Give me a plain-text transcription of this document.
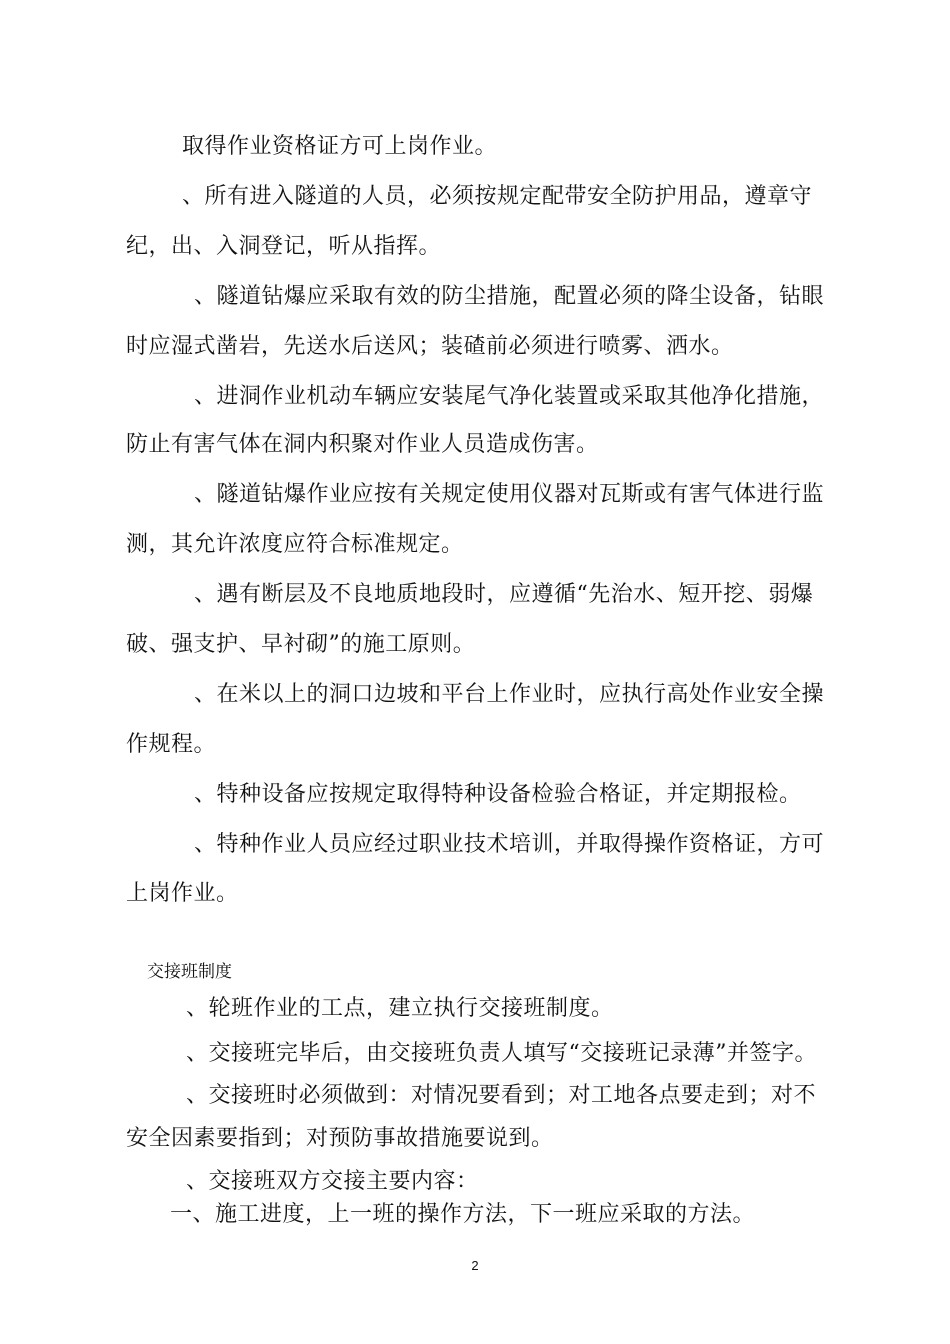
取得作业资格证方可上岗作业。
、所有进入隧道的人员，必须按规定配带安全防护用品，遵章守
纪，出、入洞登记，听从指挥。
、隧道钻爆应采取有效的防尘措施，配置必须的降尘设备，钻眼
时应湿式凿岩，先送水后送风；装碴前必须进行喷雾、洒水。
、进洞作业机动车辆应安装尾气净化装置或采取其他净化措施，
防止有害气体在洞内积聚对作业人员造成伤害。
、隧道钻爆作业应按有关规定使用仪器对瓦斯或有害气体进行监
测，其允许浓度应符合标准规定。
、遇有断层及不良地质地段时，应遵循“先治水、短开挖、弱爆
破、强支护、早衬砌”的施工原则。
、在米以上的洞口边坡和平台上作业时，应执行高处作业安全操
作规程。
、特种设备应按规定取得特种设备检验合格证，并定期报检。
、特种作业人员应经过职业技术培训，并取得操作资格证，方可
上岗作业。
交接班制度
、轮班作业的工点，建立执行交接班制度。
、交接班完毕后，由交接班负责人填写“交接班记录薄”并签字。
、交接班时必须做到：对情况要看到；对工地各点要走到；对不
安全因素要指到；对预防事故措施要说到。
、交接班双方交接主要内容：
一、施工进度，上一班的操作方法，下一班应采取的方法。
2
